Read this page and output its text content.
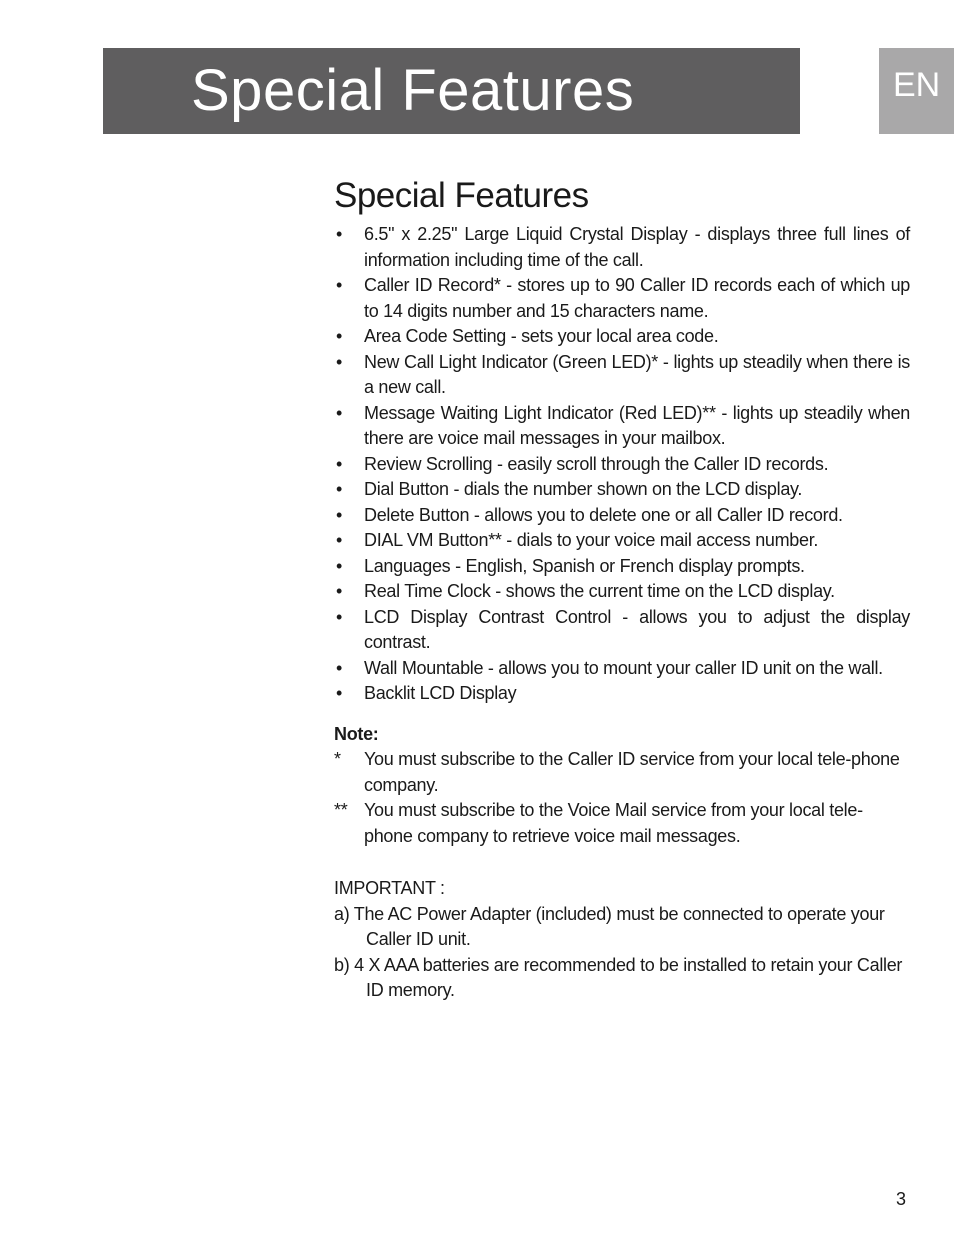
Special Features	EN
Special Features
• 6.5" x 2.25" Large Liquid Crystal Display - displays three full lines of information including time of the call.
• Caller ID Record* - stores up to 90 Caller ID records each of which up to 14 digits number and 15 characters name.
• Area Code Setting - sets your local area code.
• New Call Light Indicator (Green LED)* - lights up steadily when there is a new call.
• Message Waiting Light Indicator (Red LED)** - lights up steadily when there are voice mail messages in your mailbox.
• Review Scrolling - easily scroll through the Caller ID records.
• Dial Button - dials the number shown on the LCD display.
• Delete Button - allows you to delete one or all Caller ID record.
• DIAL VM Button** - dials to your voice mail access number.
• Languages - English, Spanish or French display prompts.
• Real Time Clock - shows the current time on the LCD display.
• LCD Display Contrast Control - allows you to adjust the display contrast.
• Wall Mountable - allows you to mount your caller ID unit on the wall.
• Backlit LCD Display
Note:
* You must subscribe to the Caller ID service from your local tele-phone company.
** You must subscribe to the Voice Mail service from your local tele-phone company to retrieve voice mail messages.
IMPORTANT :
a) The AC Power Adapter (included) must be connected to operate your Caller ID unit.
b) 4 X AAA batteries are recommended to be installed to retain your Caller ID memory.
3
